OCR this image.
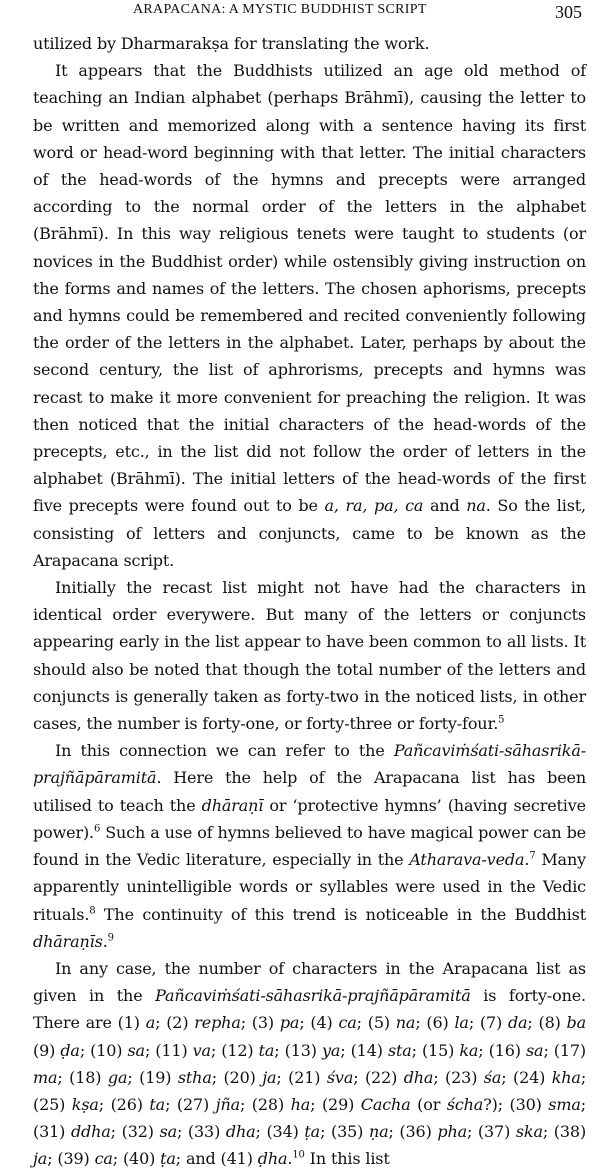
ARAPACANA: A MYSTIC BUDDHIST SCRIPT	305

utilized by Dharmarakṣa for translating the work.

It appears that the Buddhists utilized an age old method of teaching an Indian alphabet (perhaps Brāhmī), causing the letter to be written and memorized along with a sentence having its first word or head-word beginning with that letter. The initial characters of the head-words of the hymns and precepts were arranged according to the normal order of the letters in the alphabet (Brāhmī). In this way religious tenets were taught to students (or novices in the Buddhist order) while ostensibly giving instruction on the forms and names of the letters. The chosen aphorisms, precepts and hymns could be remembered and recited conveniently following the order of the letters in the alphabet. Later, perhaps by about the second century, the list of aphrorisms, precepts and hymns was recast to make it more convenient for preaching the religion. It was then noticed that the initial characters of the head-words of the precepts, etc., in the list did not follow the order of letters in the alphabet (Brāhmī). The initial letters of the head-words of the first five precepts were found out to be a, ra, pa, ca and na. So the list, consisting of letters and conjuncts, came to be known as the Arapacana script.

Initially the recast list might not have had the characters in identical order everywere. But many of the letters or conjuncts appearing early in the list appear to have been common to all lists. It should also be noted that though the total number of the letters and conjuncts is generally taken as forty-two in the noticed lists, in other cases, the number is forty-one, or forty-three or forty-four.$^5$

In this connection we can refer to the Pañcaviṁśati-sāhasrikā-prajñāpāramitā. Here the help of the Arapacana list has been utilised to teach the dhāraṇī or ‘protective hymns’ (having secretive power).$^6$ Such a use of hymns believed to have magical power can be found in the Vedic literature, especially in the Atharava-veda.$^7$ Many apparently unintelligible words or syllables were used in the Vedic rituals.$^8$ The continuity of this trend is noticeable in the Buddhist dhāraṇīs.$^9$

In any case, the number of characters in the Arapacana list as given in the Pañcaviṁśati-sāhasrikā-prajñāpāramitā is forty-one. There are (1) a; (2) repha; (3) pa; (4) ca; (5) na; (6) la; (7) da; (8) ba (9) ḍa; (10) sa; (11) va; (12) ta; (13) ya; (14) sta; (15) ka; (16) sa; (17) ma; (18) ga; (19) stha; (20) ja; (21) śva; (22) dha; (23) śa; (24) kha; (25) kṣa; (26) ta; (27) jña; (28) ha; (29) Cacha (or ścha?); (30) sma; (31) ddha; (32) sa; (33) dha; (34) ṭa; (35) ṇa; (36) pha; (37) ska; (38) ja; (39) ca; (40) ṭa; and (41) ḍha.$^{10}$ In this list
